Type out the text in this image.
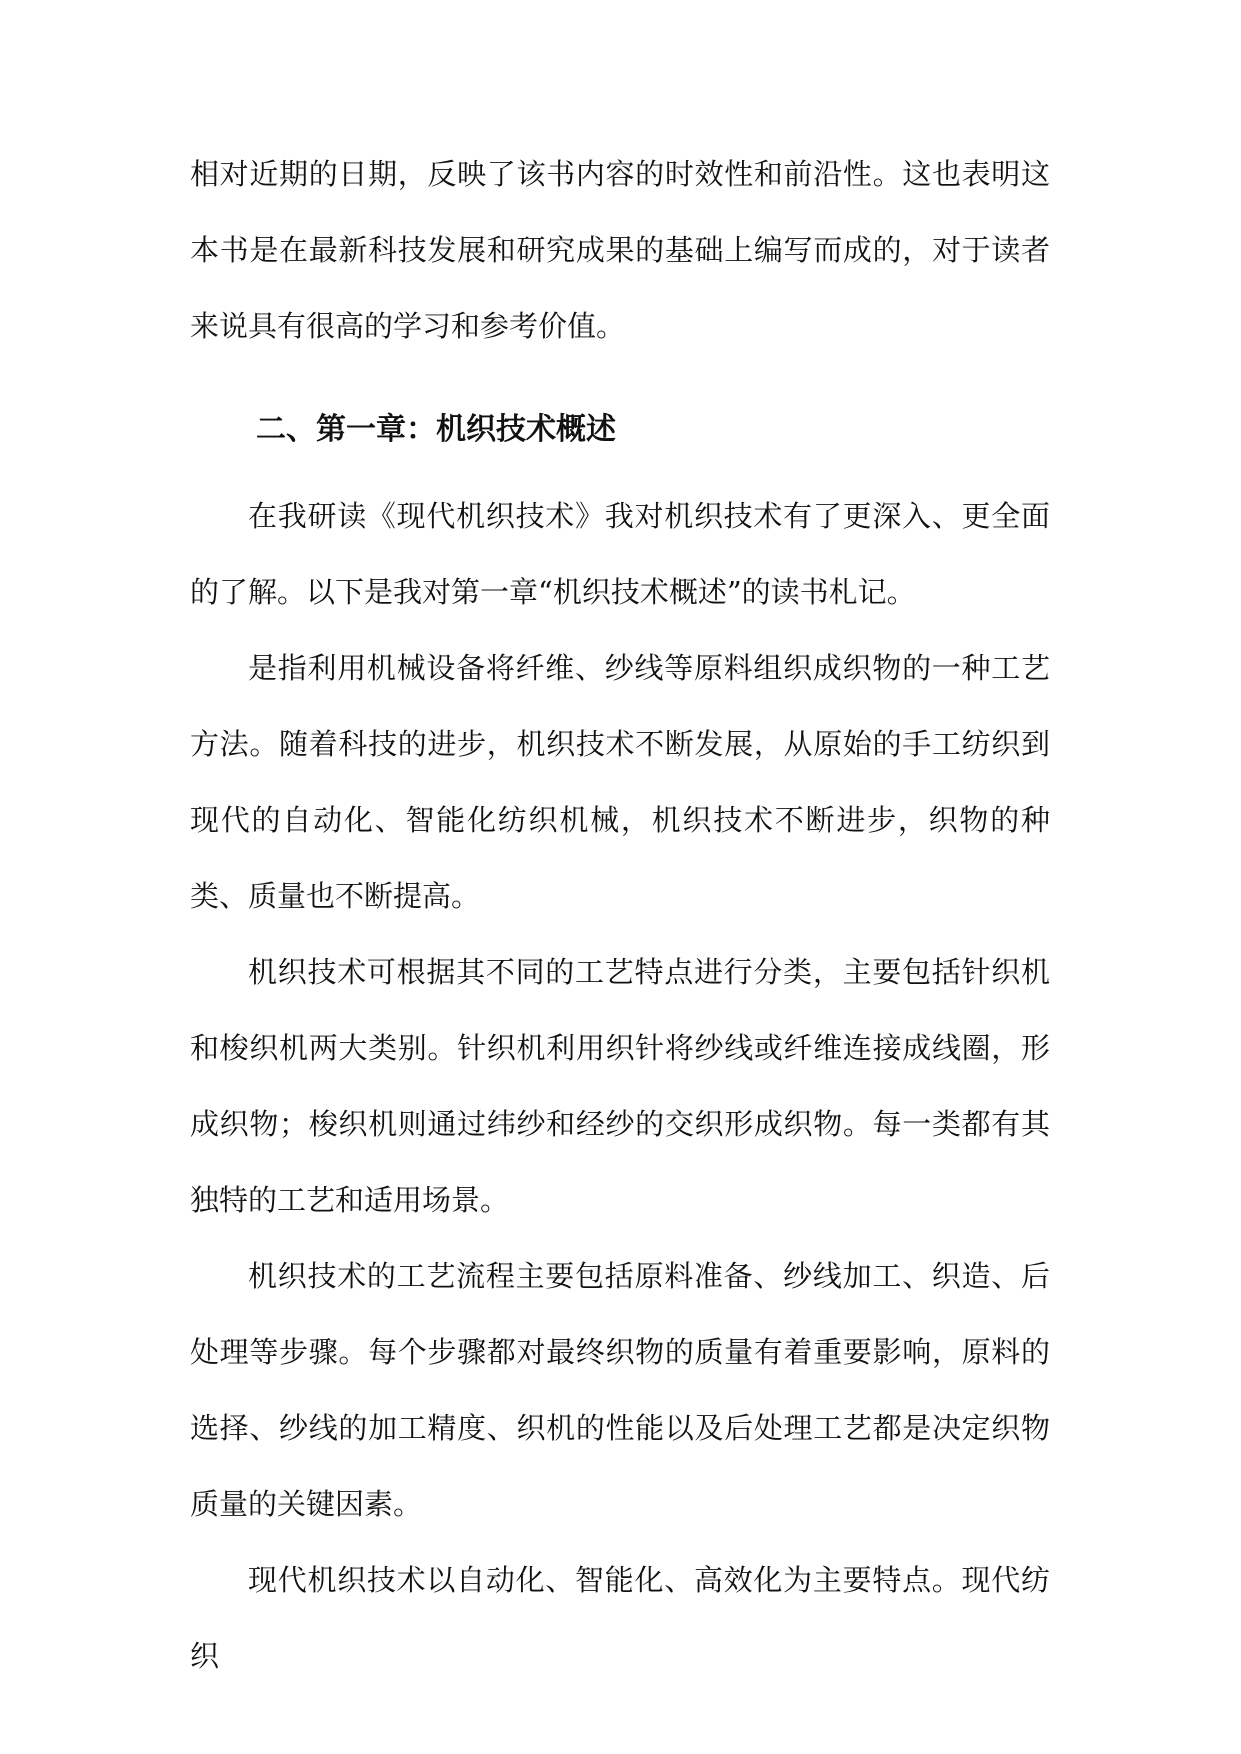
相对近期的日期，反映了该书内容的时效性和前沿性。这也表明这本书是在最新科技发展和研究成果的基础上编写而成的，对于读者来说具有很高的学习和参考价值。

二、第一章：机织技术概述

在我研读《现代机织技术》我对机织技术有了更深入、更全面的了解。以下是我对第一章“机织技术概述”的读书札记。

是指利用机械设备将纤维、纱线等原料组织成织物的一种工艺方法。随着科技的进步，机织技术不断发展，从原始的手工纺织到现代的自动化、智能化纺织机械，机织技术不断进步，织物的种类、质量也不断提高。

机织技术可根据其不同的工艺特点进行分类，主要包括针织机和梭织机两大类别。针织机利用织针将纱线或纤维连接成线圈，形成织物；梭织机则通过纬纱和经纱的交织形成织物。每一类都有其独特的工艺和适用场景。

机织技术的工艺流程主要包括原料准备、纱线加工、织造、后处理等步骤。每个步骤都对最终织物的质量有着重要影响，原料的选择、纱线的加工精度、织机的性能以及后处理工艺都是决定织物质量的关键因素。

现代机织技术以自动化、智能化、高效化为主要特点。现代纺织
